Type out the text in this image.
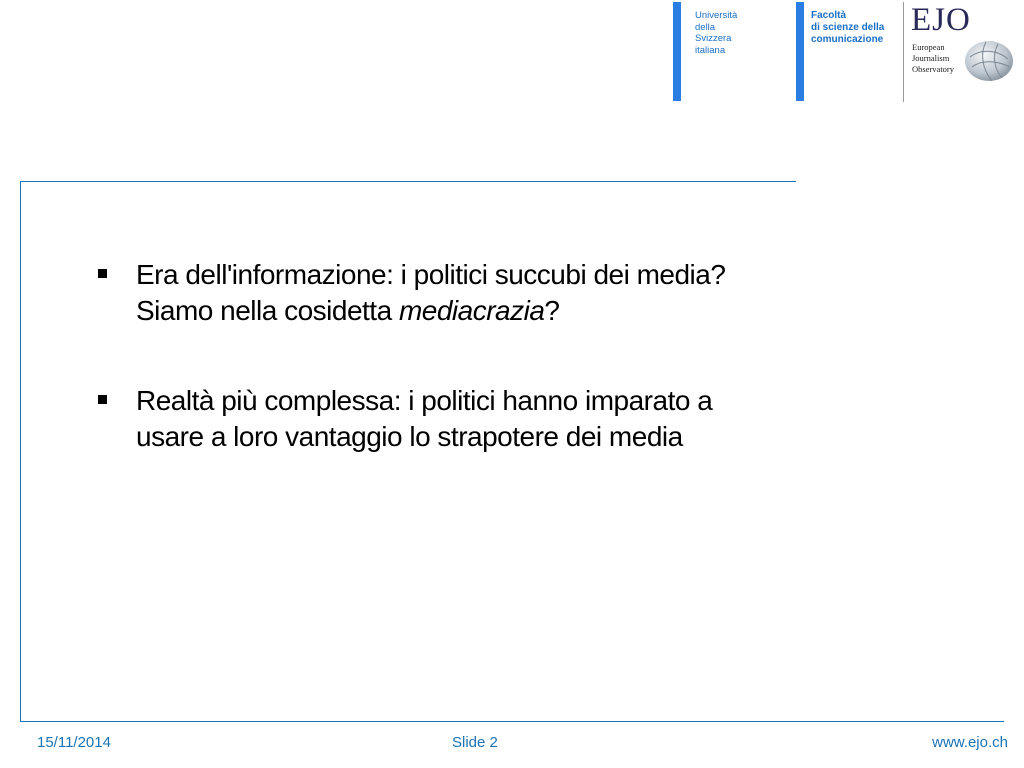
Università
della
Svizzera
italiana
Facoltà
di scienze della
comunicazione
EJO
European
Journalism
Observatory
Era dell'informazione: i politici succubi dei media?
Siamo nella cosidetta mediacrazia?
Realtà più complessa: i politici hanno imparato a
usare a loro vantaggio lo strapotere dei media
15/11/2014	Slide 2	www.ejo.ch
